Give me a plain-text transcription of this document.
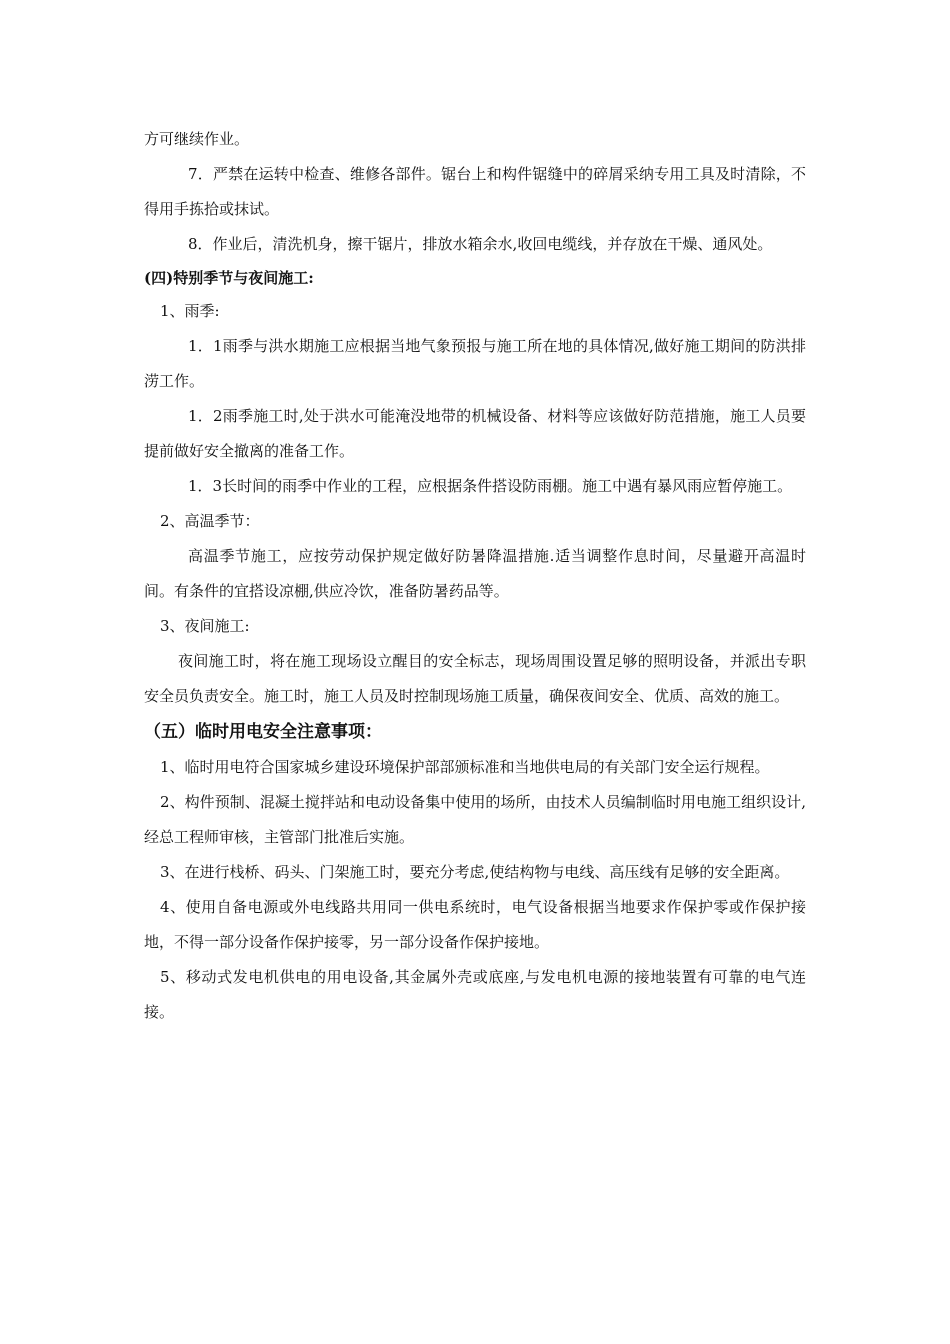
方可继续作业。

7．严禁在运转中检查、维修各部件。锯台上和构件锯缝中的碎屑采纳专用工具及时清除，不得用手拣拾或抹试。

8．作业后，清洗机身，擦干锯片，排放水箱余水,收回电缆线，并存放在干燥、通风处。

(四)特别季节与夜间施工:

1、雨季:

1．1雨季与洪水期施工应根据当地气象预报与施工所在地的具体情况,做好施工期间的防洪排涝工作。

1．2雨季施工时,处于洪水可能淹没地带的机械设备、材料等应该做好防范措施，施工人员要提前做好安全撤离的准备工作。

1．3长时间的雨季中作业的工程，应根据条件搭设防雨棚。施工中遇有暴风雨应暂停施工。

2、高温季节：

高温季节施工，应按劳动保护规定做好防暑降温措施.适当调整作息时间，尽量避开高温时间。有条件的宜搭设凉棚,供应冷饮，准备防暑药品等。

3、夜间施工:

夜间施工时，将在施工现场设立醒目的安全标志，现场周围设置足够的照明设备，并派出专职安全员负责安全。施工时，施工人员及时控制现场施工质量，确保夜间安全、优质、高效的施工。

（五）临时用电安全注意事项：

1、临时用电符合国家城乡建设环境保护部部颁标准和当地供电局的有关部门安全运行规程。

2、构件预制、混凝土搅拌站和电动设备集中使用的场所，由技术人员编制临时用电施工组织设计,经总工程师审核，主管部门批准后实施。

3、在进行栈桥、码头、门架施工时，要充分考虑,使结构物与电线、高压线有足够的安全距离。

4、使用自备电源或外电线路共用同一供电系统时，电气设备根据当地要求作保护零或作保护接地，不得一部分设备作保护接零，另一部分设备作保护接地。

5、移动式发电机供电的用电设备,其金属外壳或底座,与发电机电源的接地装置有可靠的电气连接。
